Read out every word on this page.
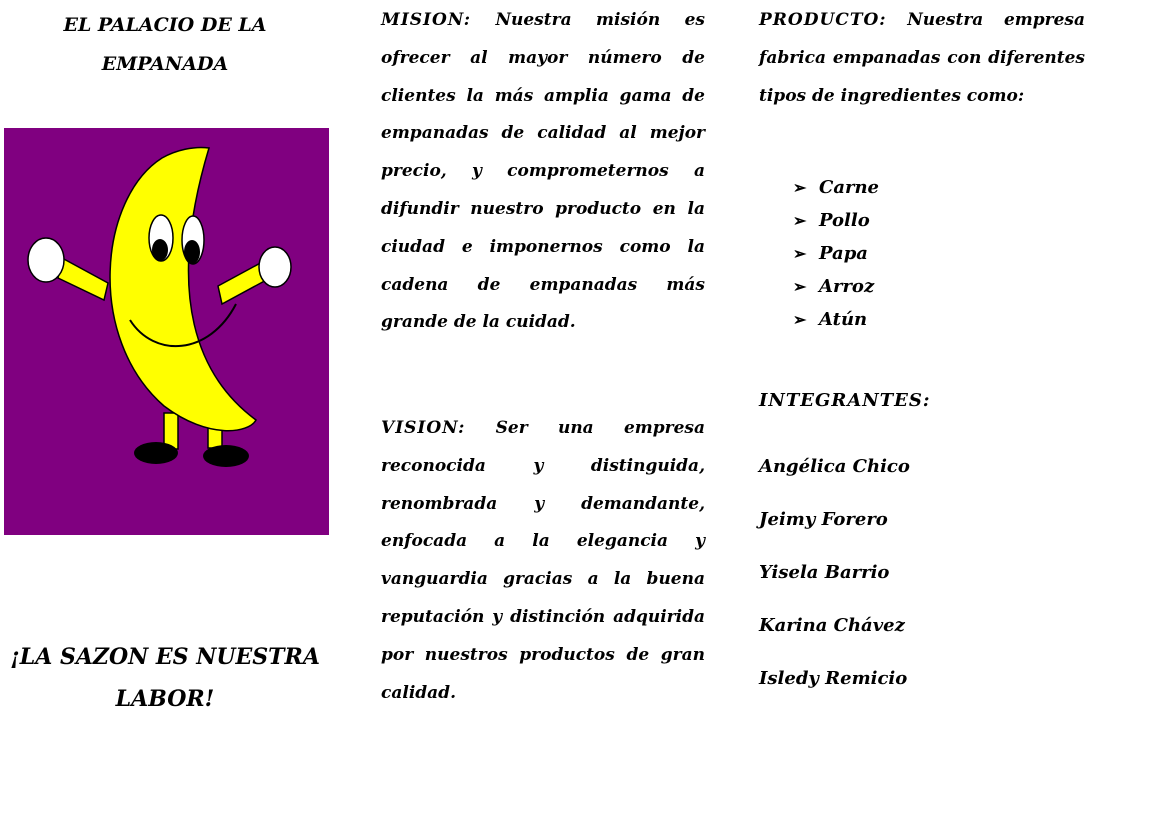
EL PALACIO DE LA
EMPANADA
¡LA SAZON ES NUESTRA
LABOR!
MISION: Nuestra misión es ofrecer al mayor número de clientes la más amplia gama de empanadas de calidad al mejor precio, y comprometernos a difundir nuestro producto en la ciudad e imponernos como la cadena de empanadas más grande de la cuidad.
VISION: Ser una empresa reconocida y distinguida, renombrada y demandante, enfocada a la elegancia y vanguardia gracias a la buena reputación y distinción adquirida por nuestros productos de gran calidad.
PRODUCTO: Nuestra empresa fabrica empanadas con diferentes tipos de ingredientes como:
➢ Carne
➢ Pollo
➢ Papa
➢ Arroz
➢ Atún
INTEGRANTES:
Angélica Chico
Jeimy Forero
Yisela Barrio
Karina Chávez
Isledy Remicio
